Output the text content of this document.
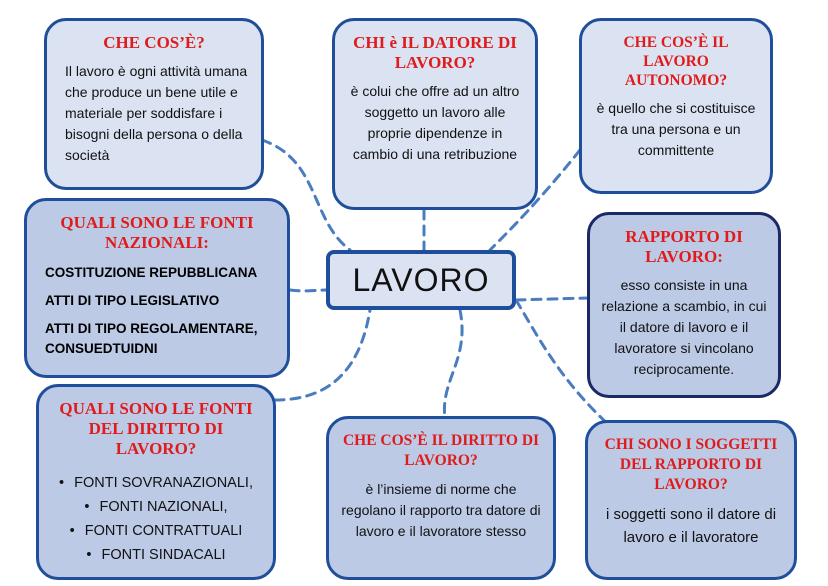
CHE COS’È?
Il lavoro è ogni attività umana che produce un bene utile e materiale per soddisfare i bisogni della persona o della società
CHI è IL DATORE DI LAVORO?
è colui che offre ad un altro soggetto un lavoro alle proprie dipendenze in cambio di una retribuzione
CHE COS’È IL LAVORO AUTONOMO?
è quello che si costituisce tra una persona e un committente
QUALI SONO LE FONTI NAZIONALI:
COSTITUZIONE REPUBBLICANA
ATTI DI TIPO LEGISLATIVO
ATTI DI TIPO REGOLAMENTARE, CONSUEDTUIDNI
LAVORO
RAPPORTO DI LAVORO:
esso consiste in una relazione a scambio, in cui il datore di lavoro e il lavoratore si vincolano reciprocamente.
QUALI SONO LE FONTI DEL DIRITTO DI LAVORO?
• FONTI SOVRANAZIONALI,
• FONTI NAZIONALI,
• FONTI CONTRATTUALI
• FONTI SINDACALI
CHE COS’È IL DIRITTO DI LAVORO?
è l’insieme di norme che regolano il rapporto tra datore di lavoro e il lavoratore stesso
CHI SONO I SOGGETTI DEL RAPPORTO DI LAVORO?
i soggetti sono il datore di lavoro e il lavoratore
